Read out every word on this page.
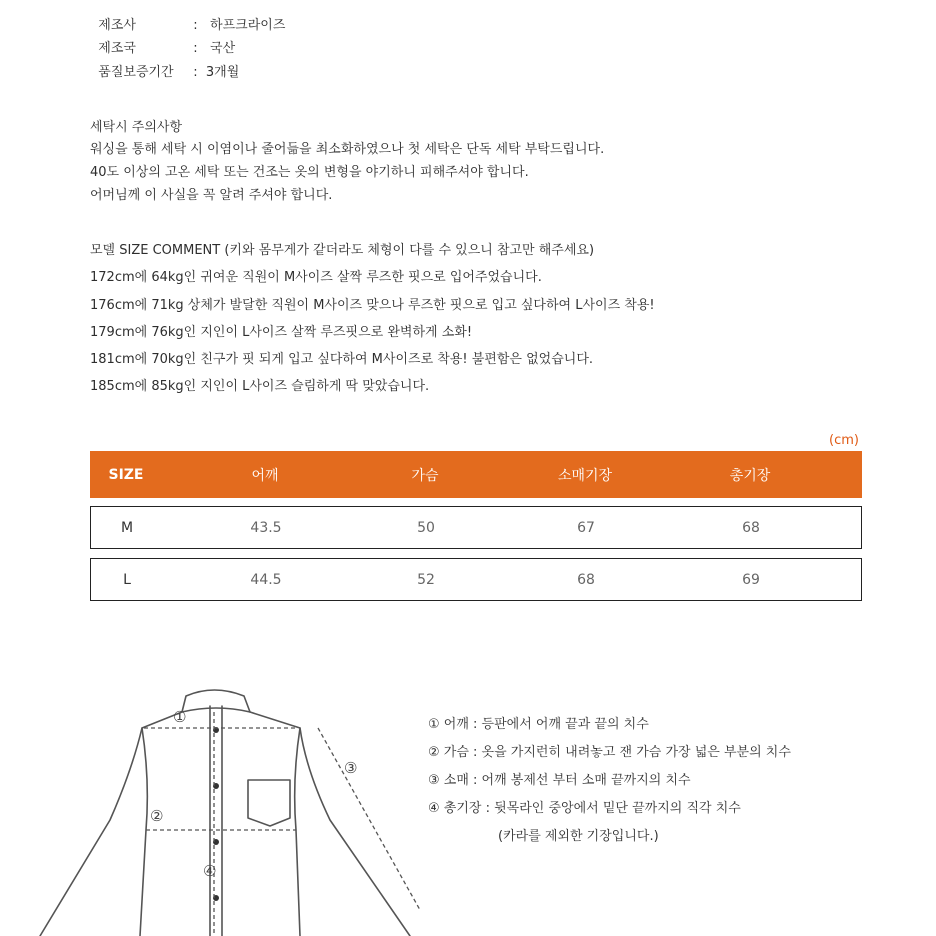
제조사	:   하프크라이즈

제조국	:   국산

품질보증기간 :  3개월

세탁시 주의사항
워싱을 통해 세탁 시 이염이나 줄어듦을 최소화하였으나 첫 세탁은 단독 세탁 부탁드립니다.
40도 이상의 고온 세탁 또는 건조는 옷의 변형을 야기하니 피해주셔야 합니다.
어머님께 이 사실을 꼭 알려 주셔야 합니다.
모델 SIZE COMMENT (키와 몸무게가 같더라도 체형이 다를 수 있으니 참고만 해주세요)
172cm에 64kg인 귀여운 직원이 M사이즈 살짝 루즈한 핏으로 입어주었습니다.
176cm에 71kg 상체가 발달한 직원이 M사이즈 맞으나 루즈한 핏으로 입고 싶다하여 L사이즈 착용!
179cm에 76kg인 지인이 L사이즈 살짝 루즈핏으로 완벽하게 소화!
181cm에 70kg인 친구가 핏 되게 입고 싶다하여 M사이즈로 착용! 불편함은 없었습니다.
185cm에 85kg인 지인이 L사이즈 슬림하게 딱 맞았습니다.
(cm)
SIZE	어깨	가슴	소매기장	총기장
M	43.5	50	67	68
L	44.5	52	68	69
①
②
③
④
① 어깨 : 등판에서 어깨 끝과 끝의 치수
② 가슴 : 옷을 가지런히 내려놓고 잰 가슴 가장 넓은 부분의 치수
③ 소매 : 어깨 봉제선 부터 소매 끝까지의 치수
④ 총기장 : 뒷목라인 중앙에서 밑단 끝까지의 직각 치수
(카라를 제외한 기장입니다.)
